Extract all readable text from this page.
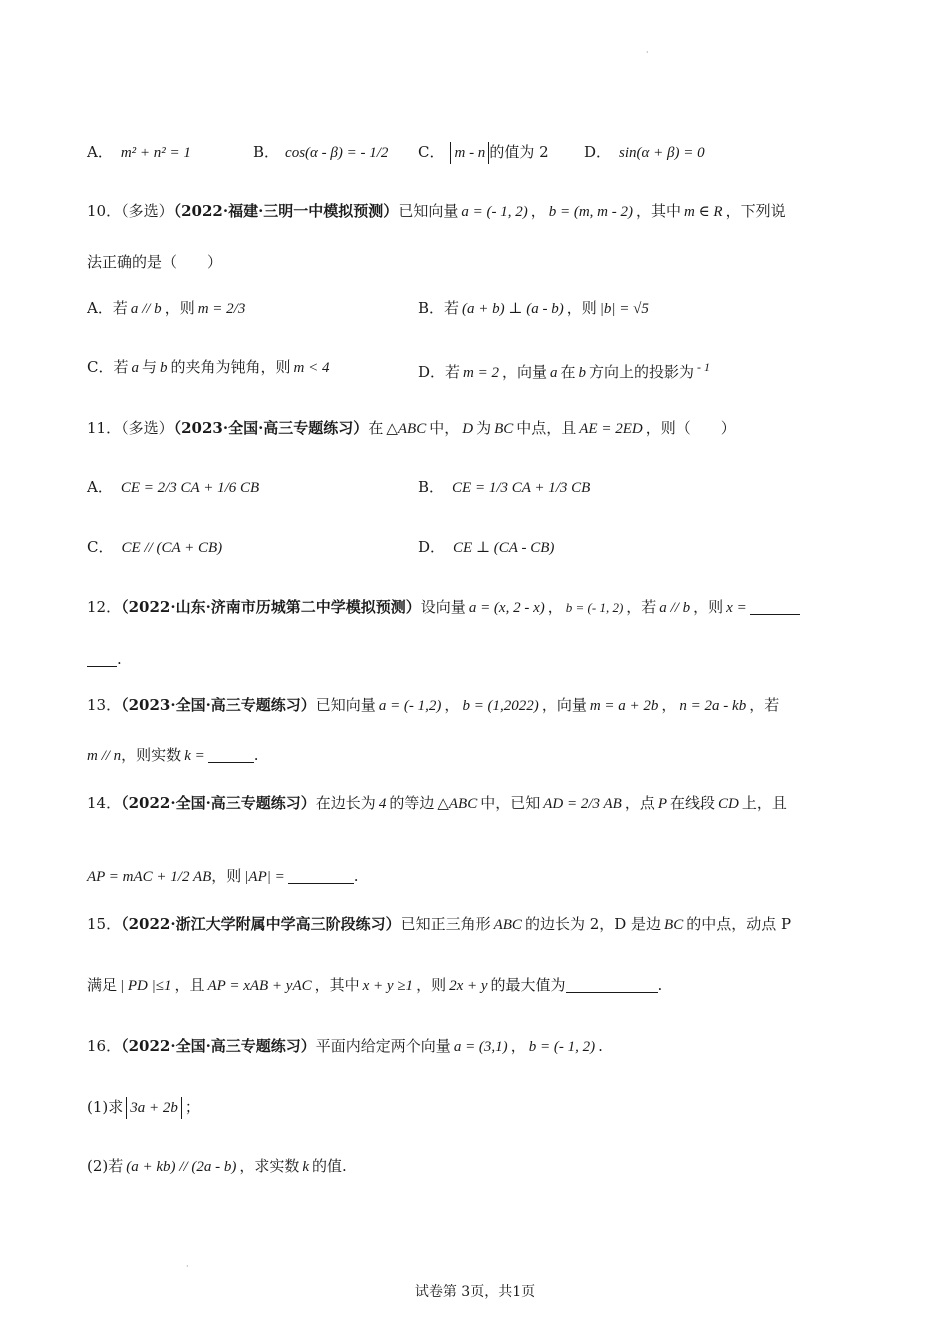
·
·
A． m² + n² = 1	B． cos(α - β) = - 1/2 C． m - n 的值为 2 D． sin(α + β) = 0
10．（多选）（2022·福建·三明一中模拟预测）已知向量 a = (- 1, 2) ， b = (m, m - 2) ，其中 m ∈ R ，下列说
法正确的是（　　）
A．若 a // b ，则 m = 2/3	B．若 (a + b) ⊥ (a - b) ，则 |b| = √5
C．若 a 与 b 的夹角为钝角，则 m < 4	D．若 m = 2 ，向量 a 在 b 方向上的投影为 $^{- 1}$
11．（多选）（2023·全国·高三专题练习）在 △ABC 中， D 为 BC 中点，且 AE = 2ED ，则（　　）
A． CE = 2/3 CA + 1/6 CB	B． CE = 1/3 CA + 1/3 CB
C． CE // (CA + CB)	D． CE ⊥ (CA - CB)
12．（2022·山东·济南市历城第二中学模拟预测）设向量 a = (x, 2 - x) ， b = (- 1, 2) ，若 a // b ，则 x =
.
13．（2023·全国·高三专题练习）已知向量 a = (- 1,2) ， b = (1,2022) ，向量 m = a + 2b ， n = 2a - kb ，若
m // n，则实数 k =	.
14．（2022·全国·高三专题练习）在边长为 4 的等边 △ABC 中，已知 AD = 2/3 AB ，点 P 在线段 CD 上，且
AP = mAC + 1/2 AB，则 |AP| =	.
15．（2022·浙江大学附属中学高三阶段练习）已知正三角形 ABC 的边长为 2，D 是边 BC 的中点，动点 P
满足 | PD |≤1 ，且 AP = xAB + yAC ，其中 x + y ≥1 ，则 2x + y 的最大值为	.
16．（2022·全国·高三专题练习）平面内给定两个向量 a = (3,1) ， b = (- 1, 2) .
(1)求 3a + 2b ；
(2)若 (a + kb) // (2a - b) ，求实数 k 的值.
试卷第 3页，共1页
